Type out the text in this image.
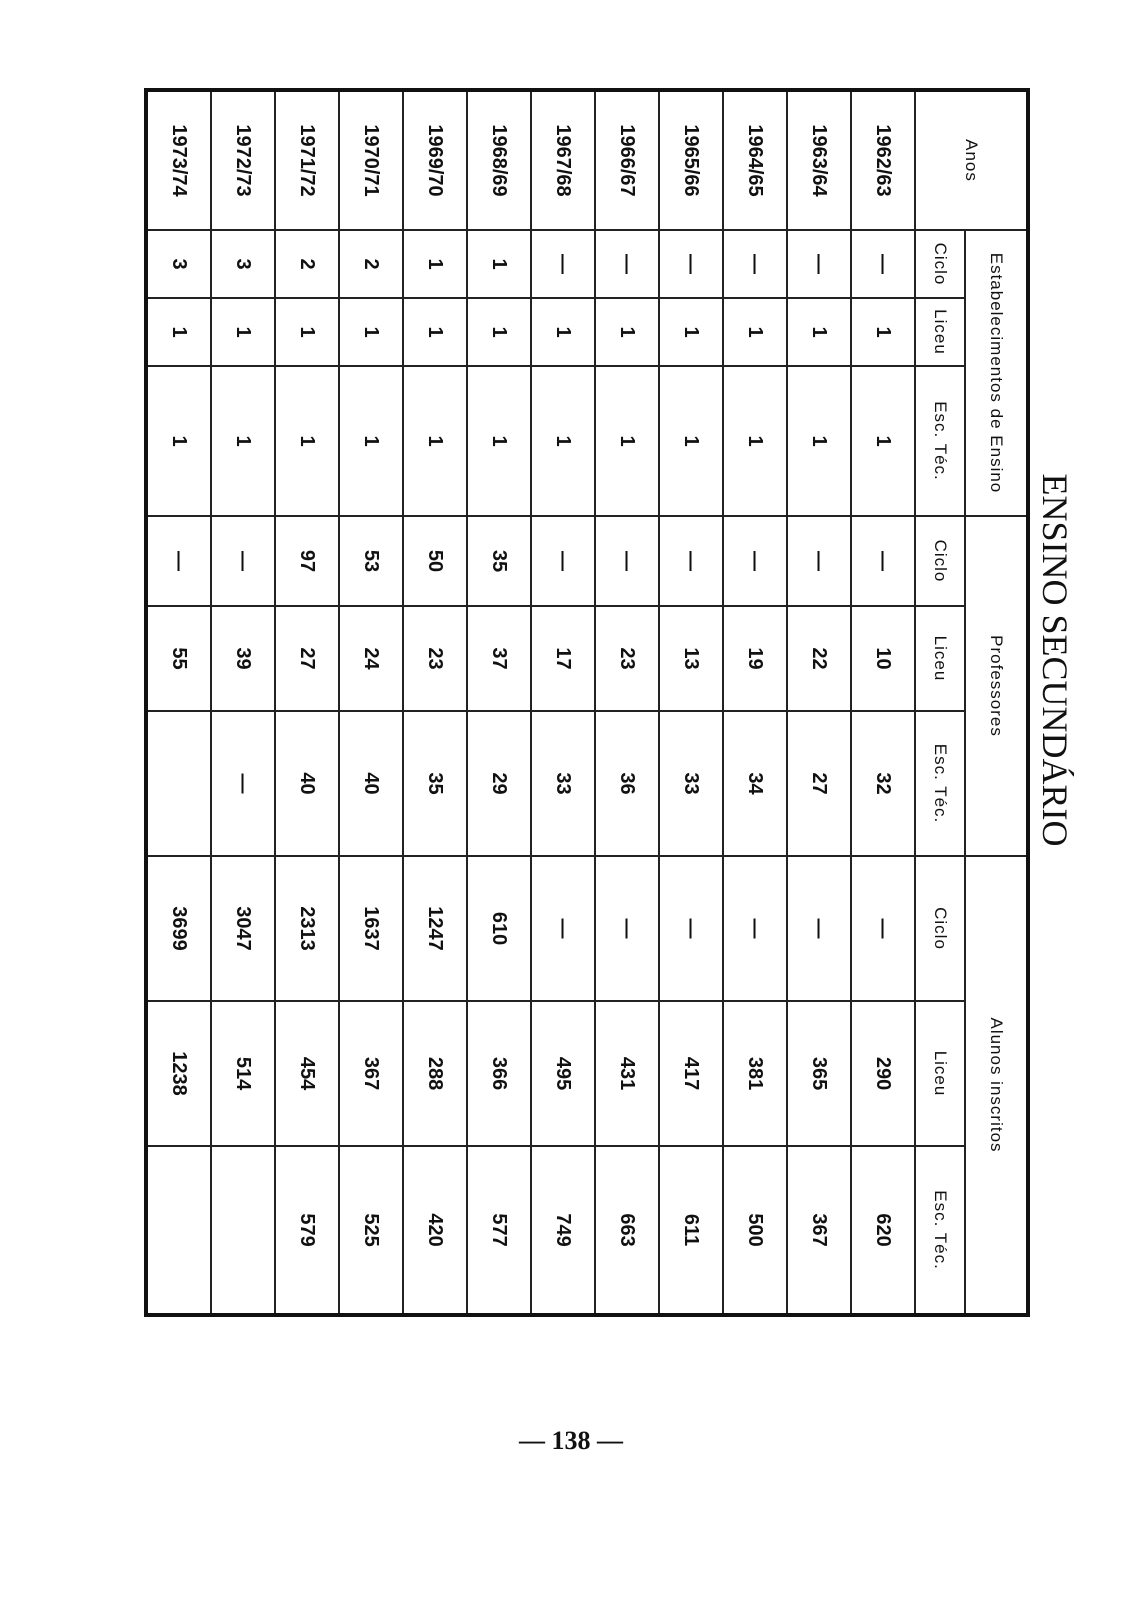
ENSINO SECUNDÁRIO
Anos	Estabelecimentos de Ensino			Professores			Alunos inscritos		
	Ciclo	Liceu	Esc. Téc.	Ciclo	Liceu	Esc. Téc.	Ciclo	Liceu	Esc. Téc.
1962/63	—	1	1	—	10	32	—	290	620
1963/64	—	1	1	—	22	27	—	365	367
1964/65	—	1	1	—	19	34	—	381	500
1965/66	—	1	1	—	13	33	—	417	611
1966/67	—	1	1	—	23	36	—	431	663
1967/68	—	1	1	—	17	33	—	495	749
1968/69	1	1	1	35	37	29	610	366	577
1969/70	1	1	1	50	23	35	1247	288	420
1970/71	2	1	1	53	24	40	1637	367	525
1971/72	2	1	1	97	27	40	2313	454	579
1972/73	3	1	1	—	39	—	3047	514	
1973/74	3	1	1	—	55		3699	1238	
— 138 —
